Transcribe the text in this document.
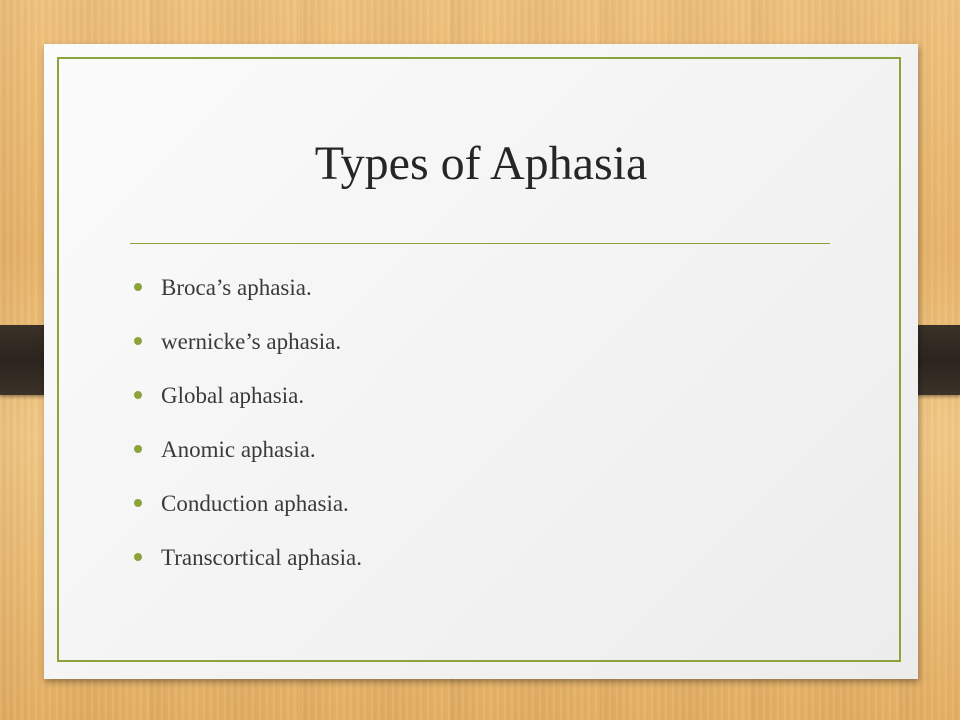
Types of Aphasia
Broca’s aphasia.
wernicke’s aphasia.
Global aphasia.
Anomic aphasia.
Conduction aphasia.
Transcortical aphasia.
